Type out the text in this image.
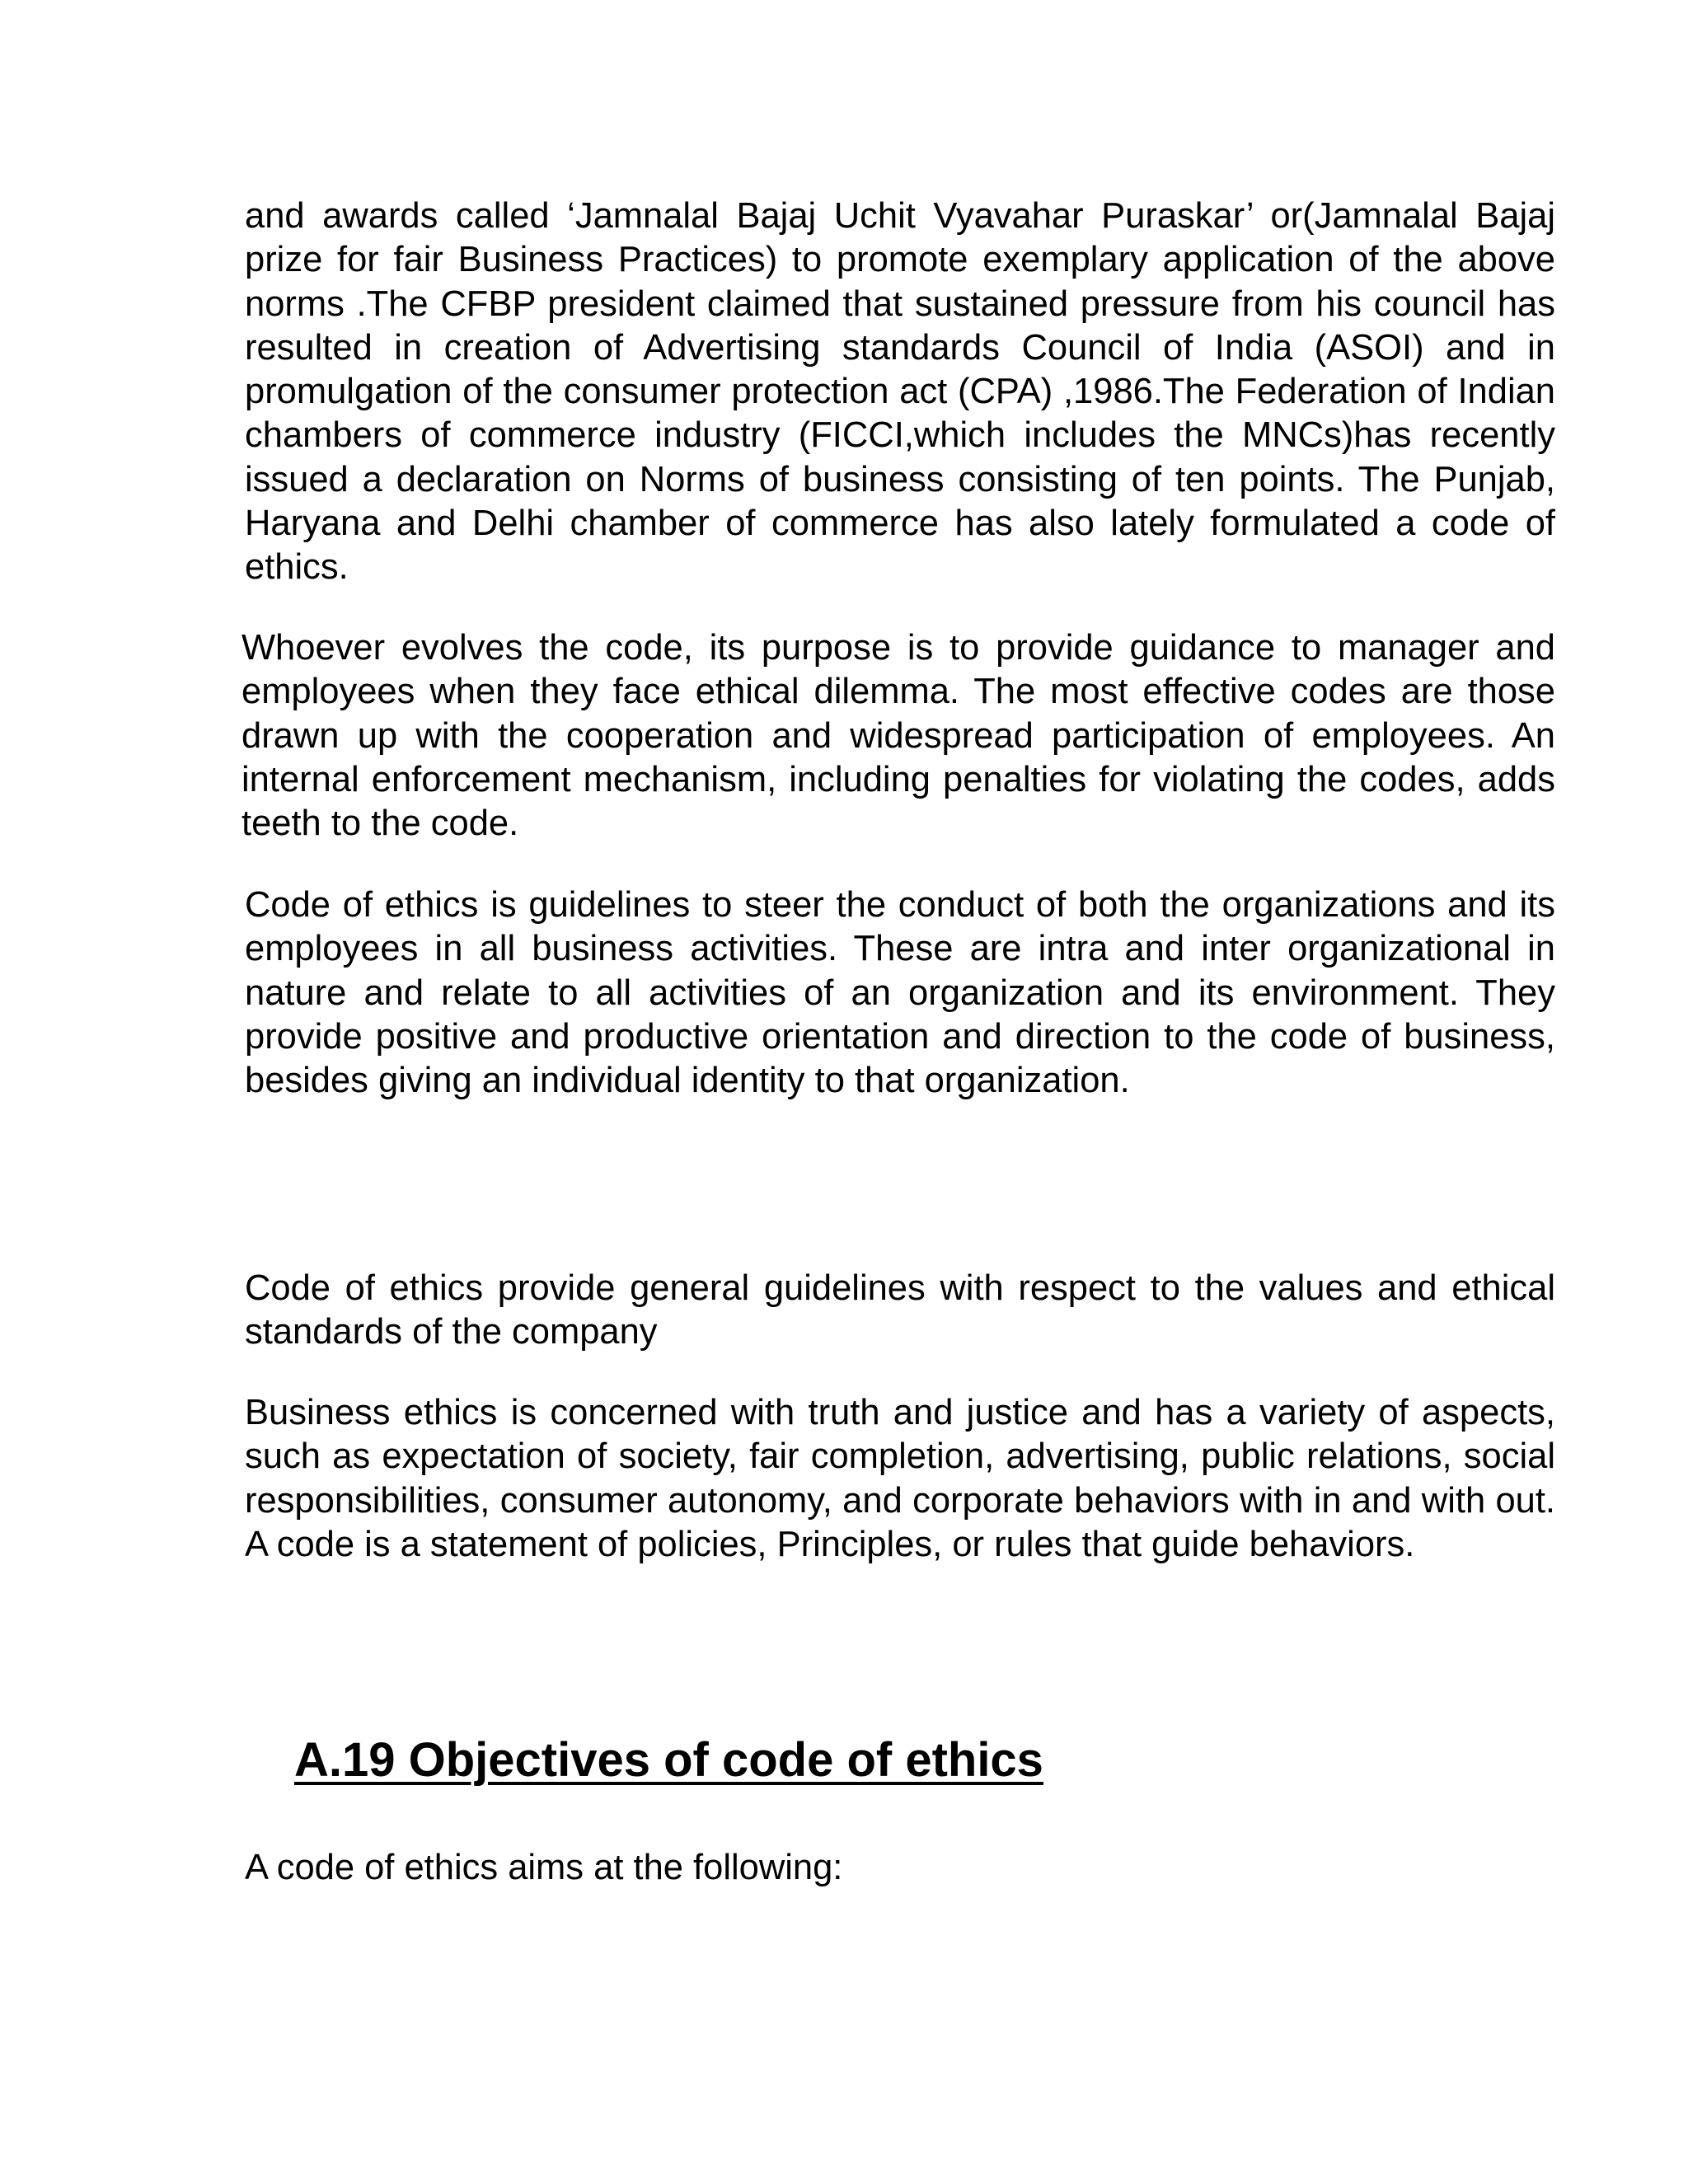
and awards called ‘Jamnalal Bajaj Uchit Vyavahar Puraskar’ or(Jamnalal Bajaj prize for fair Business Practices) to promote exemplary application of the above norms .The CFBP president claimed that sustained pressure from his council has resulted in creation of Advertising standards Council of India (ASOI) and in promulgation of the consumer protection act (CPA) ,1986.The Federation of Indian chambers of commerce industry (FICCI,which includes the MNCs)has recently issued a declaration on Norms of business consisting of ten points. The Punjab, Haryana and Delhi chamber of commerce has also lately formulated a code of ethics.

Whoever evolves the code, its purpose is to provide guidance to manager and employees when they face ethical dilemma. The most effective codes are those drawn up with the cooperation and widespread participation of employees. An internal enforcement mechanism, including penalties for violating the codes, adds teeth to the code.

Code of ethics is guidelines to steer the conduct of both the organizations and its employees in all business activities. These are intra and inter organizational in nature and relate to all activities of an organization and its environment. They provide positive and productive orientation and direction to the code of business, besides giving an individual identity to that organization.

Code of ethics provide general guidelines with respect to the values and ethical standards of the company

Business ethics is concerned with truth and justice and has a variety of aspects, such as expectation of society, fair completion, advertising, public relations, social responsibilities, consumer autonomy, and corporate behaviors with in and with out. A code is a statement of policies, Principles, or rules that guide behaviors.

A.19 Objectives of code of ethics

A code of ethics aims at the following:
